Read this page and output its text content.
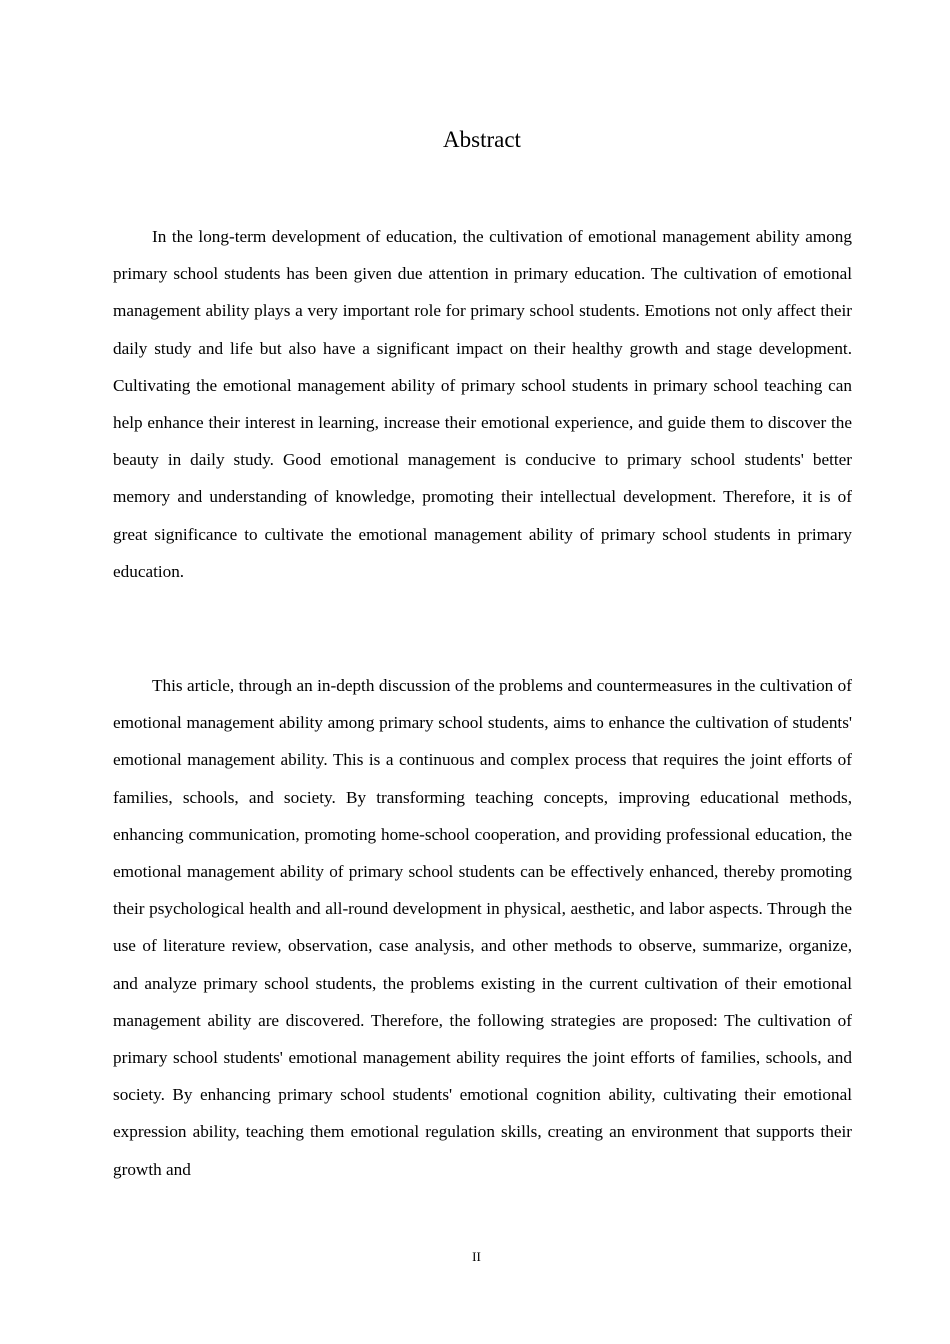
Abstract

In the long-term development of education, the cultivation of emotional management ability among primary school students has been given due attention in primary education. The cultivation of emotional management ability plays a very important role for primary school students. Emotions not only affect their daily study and life but also have a significant impact on their healthy growth and stage development. Cultivating the emotional management ability of primary school students in primary school teaching can help enhance their interest in learning, increase their emotional experience, and guide them to discover the beauty in daily study. Good emotional management is conducive to primary school students' better memory and understanding of knowledge, promoting their intellectual development. Therefore, it is of great significance to cultivate the emotional management ability of primary school students in primary education.

This article, through an in-depth discussion of the problems and countermeasures in the cultivation of emotional management ability among primary school students, aims to enhance the cultivation of students' emotional management ability. This is a continuous and complex process that requires the joint efforts of families, schools, and society. By transforming teaching concepts, improving educational methods, enhancing communication, promoting home-school cooperation, and providing professional education, the emotional management ability of primary school students can be effectively enhanced, thereby promoting their psychological health and all-round development in physical, aesthetic, and labor aspects. Through the use of literature review, observation, case analysis, and other methods to observe, summarize, organize, and analyze primary school students, the problems existing in the current cultivation of their emotional management ability are discovered. Therefore, the following strategies are proposed: The cultivation of primary school students' emotional management ability requires the joint efforts of families, schools, and society. By enhancing primary school students' emotional cognition ability, cultivating their emotional expression ability, teaching them emotional regulation skills, creating an environment that supports their growth and

II
